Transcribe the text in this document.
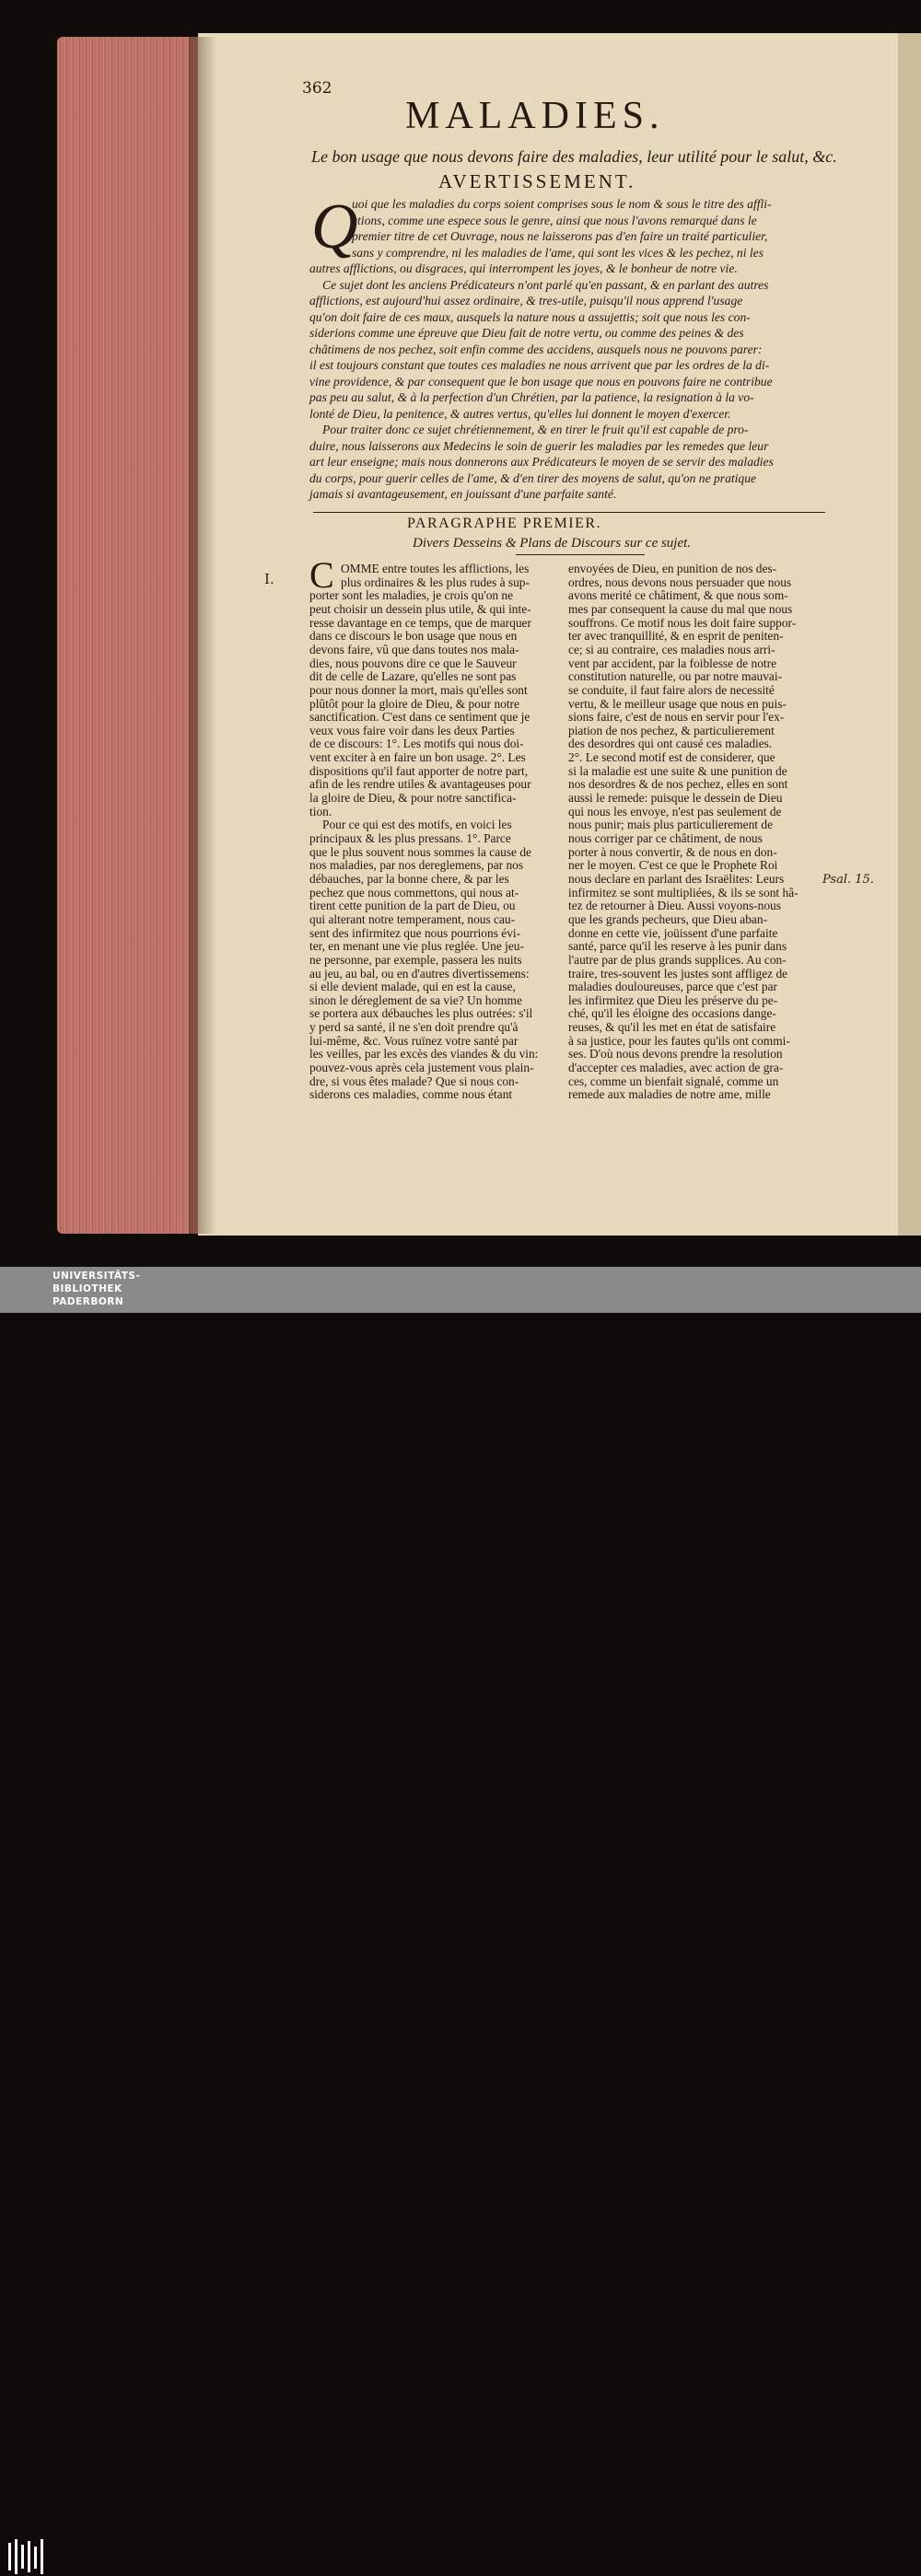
362
MALADIES.
Le bon usage que nous devons faire des maladies, leur utilité pour le salut, &c.
AVERTISSEMENT.
Q
uoi que les maladies du corps soient comprises sous le nom & sous le titre des affli-
ctions, comme une espece sous le genre, ainsi que nous l'avons remarqué dans le
premier titre de cet Ouvrage, nous ne laisserons pas d'en faire un traité particulier,
sans y comprendre, ni les maladies de l'ame, qui sont les vices & les pechez, ni les
autres afflictions, ou disgraces, qui interrompent les joyes, & le bonheur de notre vie.
Ce sujet dont les anciens Prédicateurs n'ont parlé qu'en passant, & en parlant des autres
afflictions, est aujourd'hui assez ordinaire, & tres-utile, puisqu'il nous apprend l'usage
qu'on doit faire de ces maux, ausquels la nature nous a assujettis; soit que nous les con-
siderions comme une épreuve que Dieu fait de notre vertu, ou comme des peines & des
châtimens de nos pechez, soit enfin comme des accidens, ausquels nous ne pouvons parer:
il est toujours constant que toutes ces maladies ne nous arrivent que par les ordres de la di-
vine providence, & par consequent que le bon usage que nous en pouvons faire ne contribue
pas peu au salut, & à la perfection d'un Chrétien, par la patience, la resignation à la vo-
lonté de Dieu, la penitence, & autres vertus, qu'elles lui donnent le moyen d'exercer.
Pour traiter donc ce sujet chrétiennement, & en tirer le fruit qu'il est capable de pro-
duire, nous laisserons aux Medecins le soin de guerir les maladies par les remedes que leur
art leur enseigne; mais nous donnerons aux Prédicateurs le moyen de se servir des maladies
du corps, pour guerir celles de l'ame, & d'en tirer des moyens de salut, qu'on ne pratique
jamais si avantageusement, en jouissant d'une parfaite santé.
PARAGRAPHE PREMIER.
Divers Desseins & Plans de Discours sur ce sujet.
I. C OMME entre toutes les afflictions, les
plus ordinaires & les plus rudes à sup-
porter sont les maladies, je crois qu'on ne
peut choisir un dessein plus utile, & qui inte-
resse davantage en ce temps, que de marquer
dans ce discours le bon usage que nous en
devons faire, vû que dans toutes nos mala-
dies, nous pouvons dire ce que le Sauveur
dit de celle de Lazare, qu'elles ne sont pas
pour nous donner la mort, mais qu'elles sont
plûtôt pour la gloire de Dieu, & pour notre
sanctification. C'est dans ce sentiment que je
veux vous faire voir dans les deux Parties
de ce discours: 1°. Les motifs qui nous doi-
vent exciter à en faire un bon usage. 2°. Les
dispositions qu'il faut apporter de notre part,
afin de les rendre utiles & avantageuses pour
la gloire de Dieu, & pour notre sanctifica-
tion.
Pour ce qui est des motifs, en voici les
principaux & les plus pressans. 1°. Parce
que le plus souvent nous sommes la cause de
nos maladies, par nos dereglemens, par nos
débauches, par la bonne chere, & par les
pechez que nous commettons, qui nous at-
tirent cette punition de la part de Dieu, ou
qui alterant notre temperament, nous cau-
sent des infirmitez que nous pourrions évi-
ter, en menant une vie plus reglée. Une jeu-
ne personne, par exemple, passera les nuits
au jeu, au bal, ou en d'autres divertissemens:
si elle devient malade, qui en est la cause,
sinon le déreglement de sa vie? Un homme
se portera aux débauches les plus outrées: s'il
y perd sa santé, il ne s'en doit prendre qu'à
lui-même, &c. Vous ruïnez votre santé par
les veilles, par les excès des viandes & du vin:
pouvez-vous après cela justement vous plain-
dre, si vous êtes malade? Que si nous con-
siderons ces maladies, comme nous étant
envoyées de Dieu, en punition de nos des-
ordres, nous devons nous persuader que nous
avons merité ce châtiment, & que nous som-
mes par consequent la cause du mal que nous
souffrons. Ce motif nous les doit faire suppor-
ter avec tranquillité, & en esprit de peniten-
ce; si au contraire, ces maladies nous arri-
vent par accident, par la foiblesse de notre
constitution naturelle, ou par notre mauvai-
se conduite, il faut faire alors de necessité
vertu, & le meilleur usage que nous en puis-
sions faire, c'est de nous en servir pour l'ex-
piation de nos pechez, & particulierement
des desordres qui ont causé ces maladies.
2°. Le second motif est de considerer, que
si la maladie est une suite & une punition de
nos desordres & de nos pechez, elles en sont
aussi le remede: puisque le dessein de Dieu
qui nous les envoye, n'est pas seulement de
nous punir; mais plus particulierement de
nous corriger par ce châtiment, de nous
porter à nous convertir, & de nous en don-
ner le moyen. C'est ce que le Prophete Roi
nous declare en parlant des Israëlites: Leurs
infirmitez se sont multipliées, & ils se sont hâ-
tez de retourner à Dieu. Aussi voyons-nous
que les grands pecheurs, que Dieu aban-
donne en cette vie, joüissent d'une parfaite
santé, parce qu'il les reserve à les punir dans
l'autre par de plus grands supplices. Au con-
traire, tres-souvent les justes sont affligez de
maladies douloureuses, parce que c'est par
les infirmitez que Dieu les préserve du pe-
ché, qu'il les éloigne des occasions dange-
reuses, & qu'il les met en état de satisfaire
à sa justice, pour les fautes qu'ils ont commi-
ses. D'où nous devons prendre la resolution
d'accepter ces maladies, avec action de gra-
ces, comme un bienfait signalé, comme un
remede aux maladies de notre ame, mille
Psal. 15.
UNIVERSITÄTS-
BIBLIOTHEK
PADERBORN
